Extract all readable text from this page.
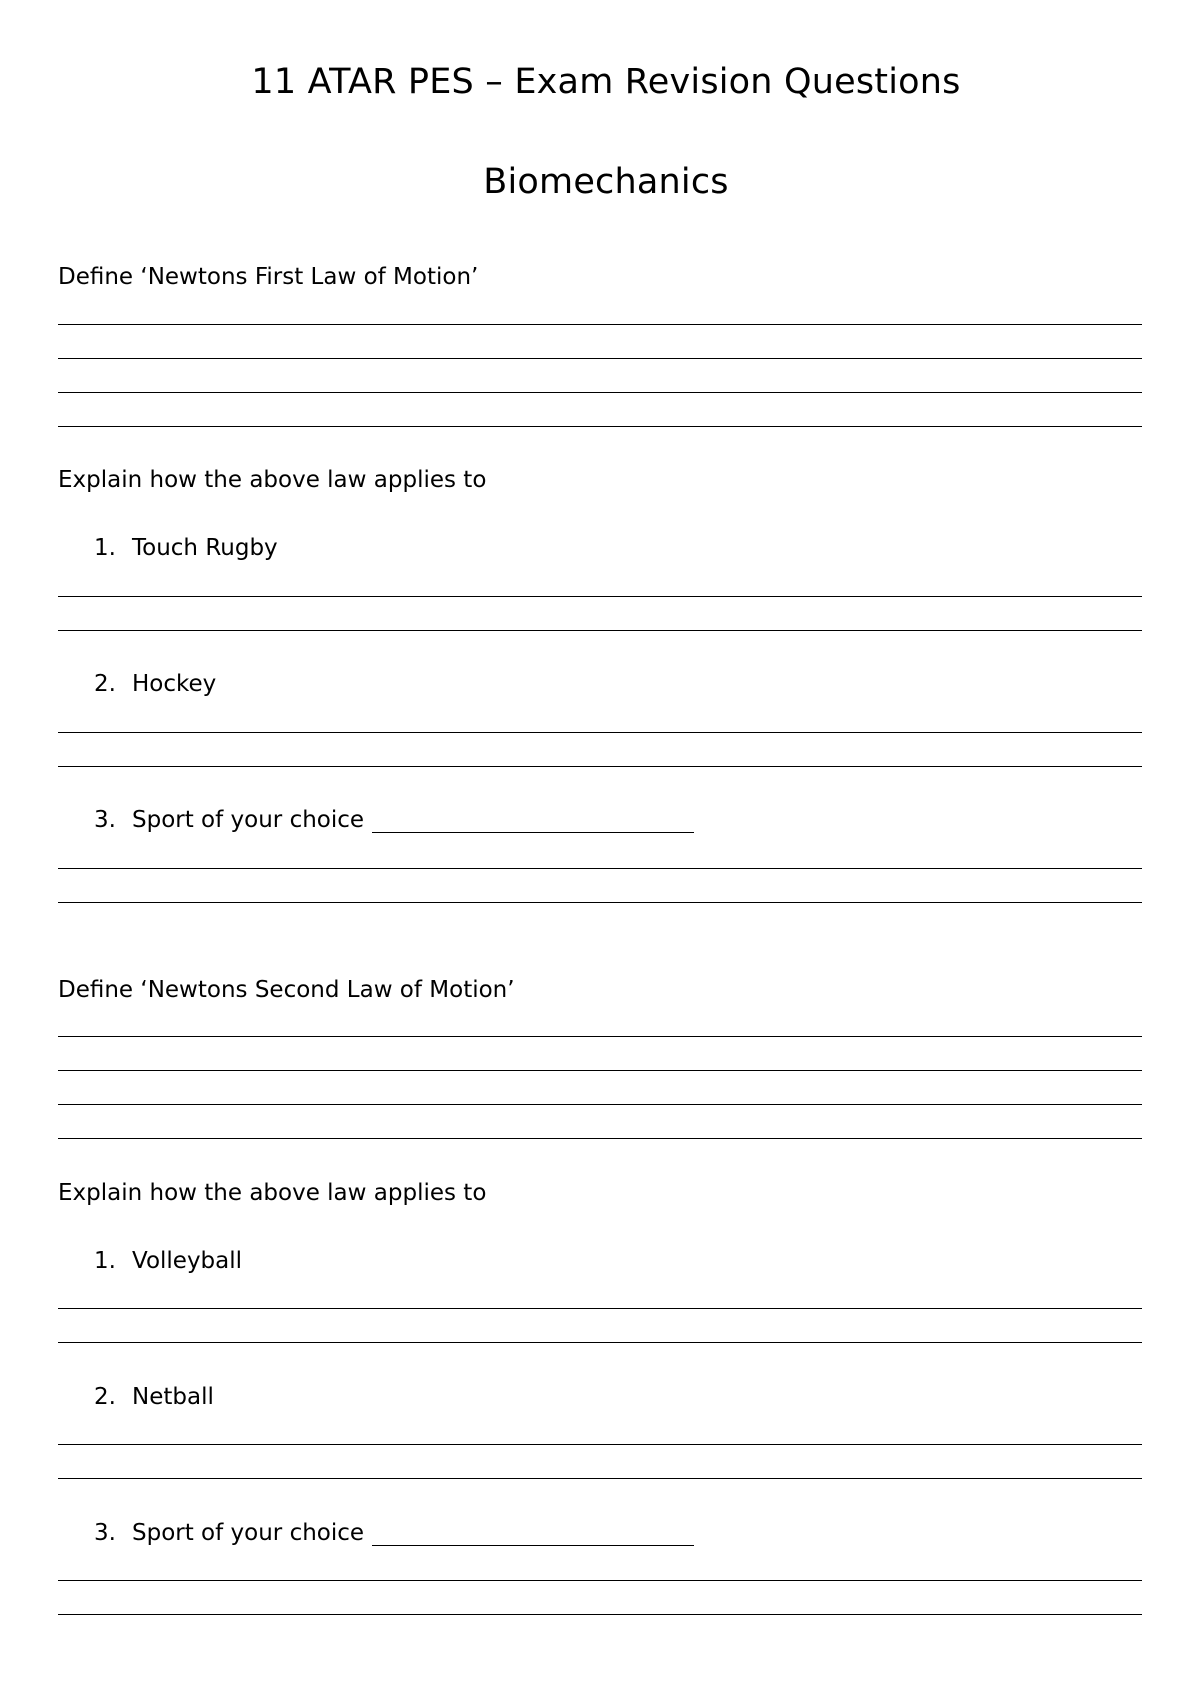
11 ATAR PES – Exam Revision Questions
Biomechanics
Define ‘Newtons First Law of Motion’
Explain how the above law applies to
1. Touch Rugby
2. Hockey
3. Sport of your choice
Define ‘Newtons Second Law of Motion’
Explain how the above law applies to
1. Volleyball
2. Netball
3. Sport of your choice
